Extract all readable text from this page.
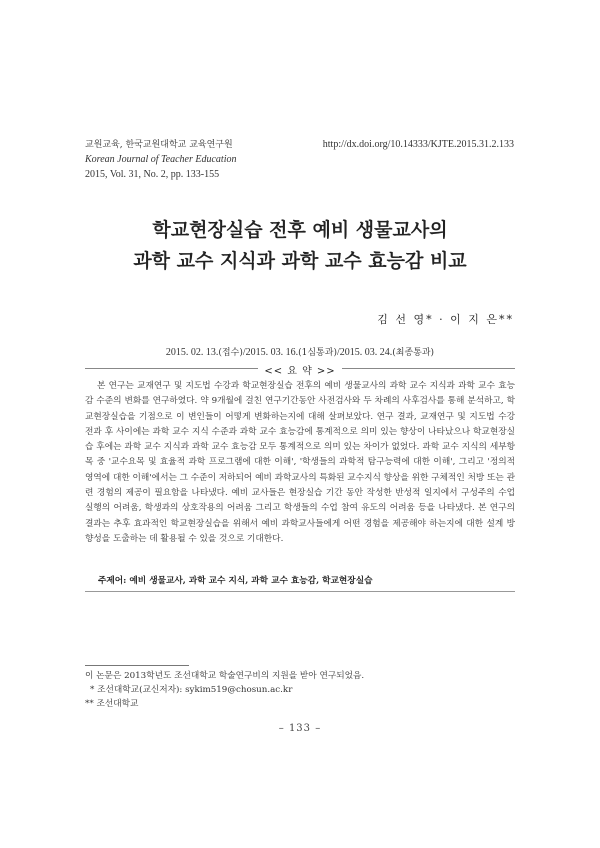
교원교육, 한국교원대학교 교육연구원
Korean Journal of Teacher Education
2015, Vol. 31, No. 2, pp. 133-155
http://dx.doi.org/10.14333/KJTE.2015.31.2.133
학교현장실습 전후 예비 생물교사의
과학 교수 지식과 과학 교수 효능감 비교
김 선 영* · 이 지 은**
2015. 02. 13.(접수)/2015. 03. 16.(1심통과)/2015. 03. 24.(최종통과)
<< 요 약 >>

본 연구는 교재연구 및 지도법 수강과 학교현장실습 전후의 예비 생물교사의 과학 교수 지식과 과학 교수 효능감 수준의 변화를 연구하였다. 약 9개월에 걸친 연구기간동안 사전검사와 두 차례의 사후검사를 통해 분석하고, 학교현장실습을 기점으로 이 변인들이 어떻게 변화하는지에 대해 살펴보았다. 연구 결과, 교재연구 및 지도법 수강 전과 후 사이에는 과학 교수 지식 수준과 과학 교수 효능감에 통계적으로 의미 있는 향상이 나타났으나 학교현장실습 후에는 과학 교수 지식과 과학 교수 효능감 모두 통계적으로 의미 있는 차이가 없었다. 과학 교수 지식의 세부항목 중 '교수요목 및 효율적 과학 프로그램에 대한 이해', '학생들의 과학적 탐구능력에 대한 이해', 그리고 '정의적 영역에 대한 이해'에서는 그 수준이 저하되어 예비 과학교사의 특화된 교수지식 향상을 위한 구체적인 처방 또는 관련 경험의 제공이 필요함을 나타냈다. 예비 교사들은 현장실습 기간 동안 작성한 반성적 일지에서 구성주의 수업 실행의 어려움, 학생과의 상호작용의 어려움 그리고 학생들의 수업 참여 유도의 어려움 등을 나타냈다. 본 연구의 결과는 추후 효과적인 학교현장실습을 위해서 예비 과학교사들에게 어떤 경험을 제공해야 하는지에 대한 설계 방향성을 도출하는 데 활용될 수 있을 것으로 기대한다.

주제어: 예비 생물교사, 과학 교수 지식, 과학 교수 효능감, 학교현장실습
이 논문은 2013학년도 조선대학교 학술연구비의 지원을 받아 연구되었음.
* 조선대학교(교신저자): sykim519@chosun.ac.kr
** 조선대학교
– 133 –
